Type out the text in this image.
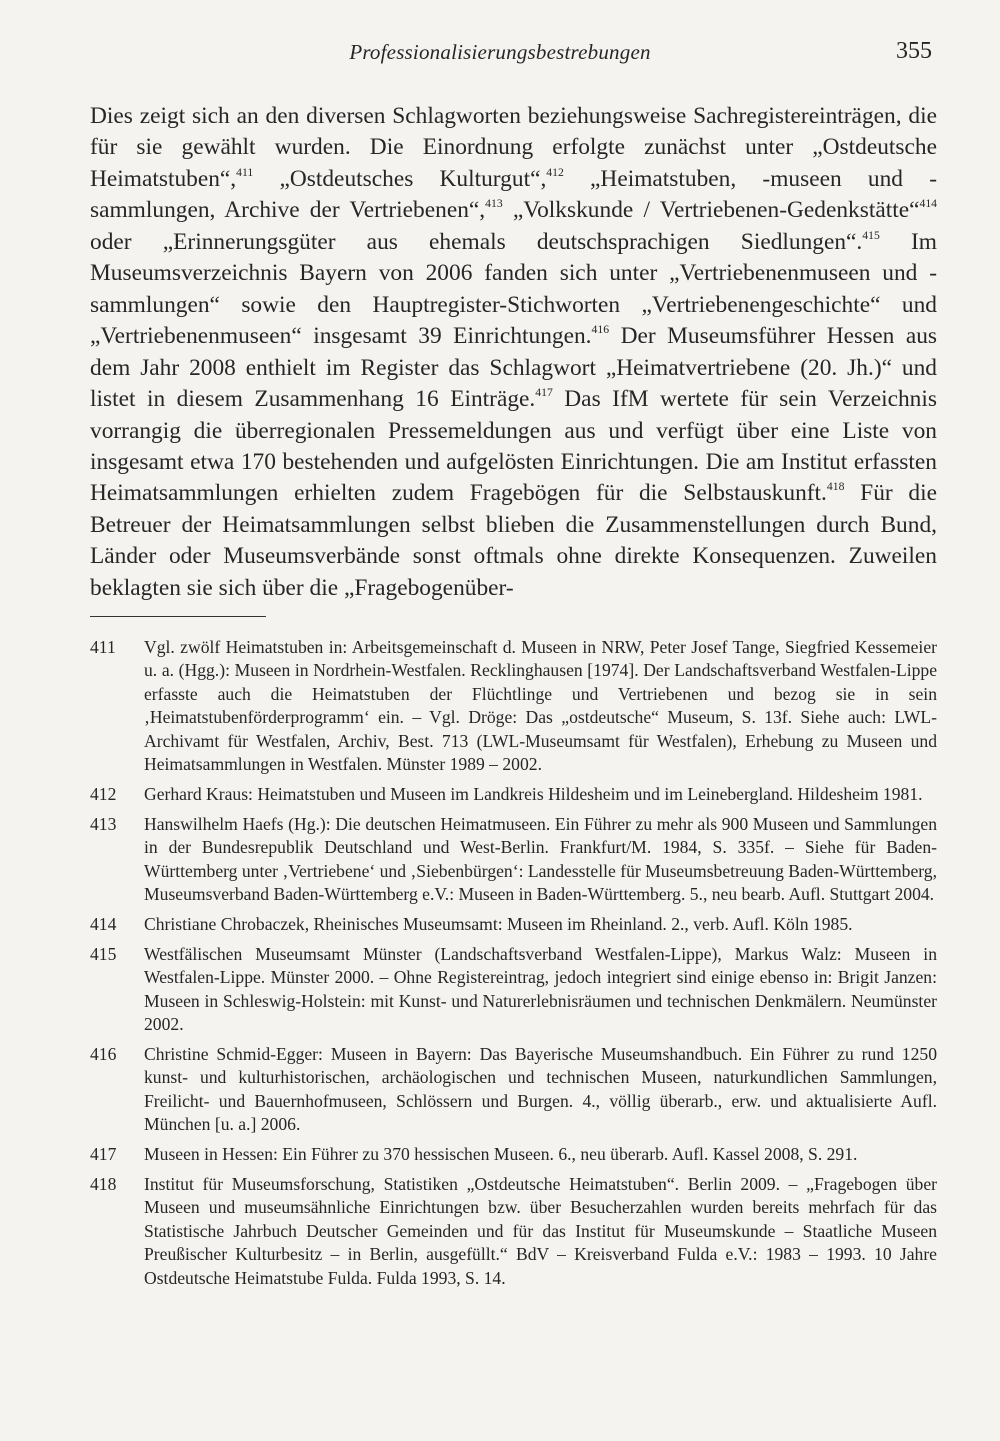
Professionalisierungsbestrebungen	355

Dies zeigt sich an den diversen Schlagworten beziehungsweise Sachregistereinträgen, die für sie gewählt wurden. Die Einordnung erfolgte zunächst unter „Ostdeutsche Heimatstuben“,$^{411}$ „Ostdeutsches Kulturgut“,$^{412}$ „Heimatstuben, -museen und -sammlungen, Archive der Vertriebenen“,$^{413}$ „Volkskunde / Vertriebenen-Gedenkstätte“$^{414}$ oder „Erinnerungsgüter aus ehemals deutschsprachigen Siedlungen“.$^{415}$ Im Museumsverzeichnis Bayern von 2006 fanden sich unter „Vertriebenenmuseen und -sammlungen“ sowie den Hauptregister-Stichworten „Vertriebenengeschichte“ und „Vertriebenenmuseen“ insgesamt 39 Einrichtungen.$^{416}$ Der Museumsführer Hessen aus dem Jahr 2008 enthielt im Register das Schlagwort „Heimatvertriebene (20. Jh.)“ und listet in diesem Zusammenhang 16 Einträge.$^{417}$ Das IfM wertete für sein Verzeichnis vorrangig die überregionalen Pressemeldungen aus und verfügt über eine Liste von insgesamt etwa 170 bestehenden und aufgelösten Einrichtungen. Die am Institut erfassten Heimatsammlungen erhielten zudem Fragebögen für die Selbstauskunft.$^{418}$ Für die Betreuer der Heimatsammlungen selbst blieben die Zusammenstellungen durch Bund, Länder oder Museumsverbände sonst oftmals ohne direkte Konsequenzen. Zuweilen beklagten sie sich über die „Fragebogenüber-

411	Vgl. zwölf Heimatstuben in: Arbeitsgemeinschaft d. Museen in NRW, Peter Josef Tange, Siegfried Kessemeier u. a. (Hgg.): Museen in Nordrhein-Westfalen. Recklinghausen [1974]. Der Landschaftsverband Westfalen-Lippe erfasste auch die Heimatstuben der Flüchtlinge und Vertriebenen und bezog sie in sein ‚Heimatstubenförderprogramm‘ ein. – Vgl. Dröge: Das „ostdeutsche“ Museum, S. 13f. Siehe auch: LWL-Archivamt für Westfalen, Archiv, Best. 713 (LWL-Museumsamt für Westfalen), Erhebung zu Museen und Heimatsammlungen in Westfalen. Münster 1989 – 2002.
412	Gerhard Kraus: Heimatstuben und Museen im Landkreis Hildesheim und im Leinebergland. Hildesheim 1981.
413	Hanswilhelm Haefs (Hg.): Die deutschen Heimatmuseen. Ein Führer zu mehr als 900 Museen und Sammlungen in der Bundesrepublik Deutschland und West-Berlin. Frankfurt/M. 1984, S. 335f. – Siehe für Baden-Württemberg unter ‚Vertriebene‘ und ‚Siebenbürgen‘: Landesstelle für Museumsbetreuung Baden-Württemberg, Museumsverband Baden-Württemberg e.V.: Museen in Baden-Württemberg. 5., neu bearb. Aufl. Stuttgart 2004.
414	Christiane Chrobaczek, Rheinisches Museumsamt: Museen im Rheinland. 2., verb. Aufl. Köln 1985.
415	Westfälischen Museumsamt Münster (Landschaftsverband Westfalen-Lippe), Markus Walz: Museen in Westfalen-Lippe. Münster 2000. – Ohne Registereintrag, jedoch integriert sind einige ebenso in: Brigit Janzen: Museen in Schleswig-Holstein: mit Kunst- und Naturerlebnisräumen und technischen Denkmälern. Neumünster 2002.
416	Christine Schmid-Egger: Museen in Bayern: Das Bayerische Museumshandbuch. Ein Führer zu rund 1250 kunst- und kulturhistorischen, archäologischen und technischen Museen, naturkundlichen Sammlungen, Freilicht- und Bauernhofmuseen, Schlössern und Burgen. 4., völlig überarb., erw. und aktualisierte Aufl. München [u. a.] 2006.
417	Museen in Hessen: Ein Führer zu 370 hessischen Museen. 6., neu überarb. Aufl. Kassel 2008, S. 291.
418	Institut für Museumsforschung, Statistiken „Ostdeutsche Heimatstuben“. Berlin 2009. – „Fragebogen über Museen und museumsähnliche Einrichtungen bzw. über Besucherzahlen wurden bereits mehrfach für das Statistische Jahrbuch Deutscher Gemeinden und für das Institut für Museumskunde – Staatliche Museen Preußischer Kulturbesitz – in Berlin, ausgefüllt.“ BdV – Kreisverband Fulda e.V.: 1983 – 1993. 10 Jahre Ostdeutsche Heimatstube Fulda. Fulda 1993, S. 14.
